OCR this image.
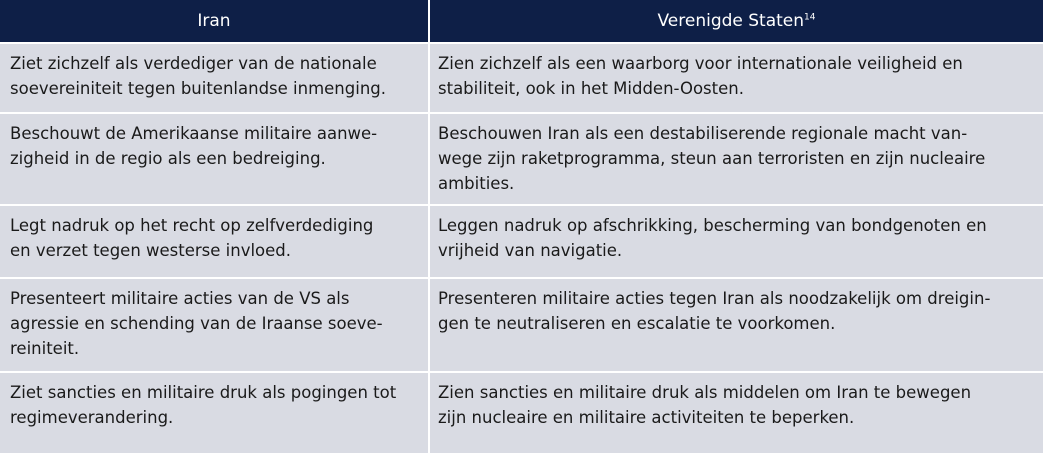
Iran	Verenigde Staten$^{14}$

Ziet zichzelf als verdediger van de nationale
soevereiniteit tegen buitenlandse inmenging.	Zien zichzelf als een waarborg voor internationale veiligheid en
stabiliteit, ook in het Midden-Oosten.

Beschouwt de Amerikaanse militaire aanwe-
zigheid in de regio als een bedreiging.	Beschouwen Iran als een destabiliserende regionale macht van-
wege zijn raketprogramma, steun aan terroristen en zijn nucleaire
ambities.

Legt nadruk op het recht op zelfverdediging
en verzet tegen westerse invloed.	Leggen nadruk op afschrikking, bescherming van bondgenoten en
vrijheid van navigatie.

Presenteert militaire acties van de VS als
agressie en schending van de Iraanse soeve-
reiniteit.	Presenteren militaire acties tegen Iran als noodzakelijk om dreigin-
gen te neutraliseren en escalatie te voorkomen.

Ziet sancties en militaire druk als pogingen tot
regimeverandering.	Zien sancties en militaire druk als middelen om Iran te bewegen
zijn nucleaire en militaire activiteiten te beperken.
